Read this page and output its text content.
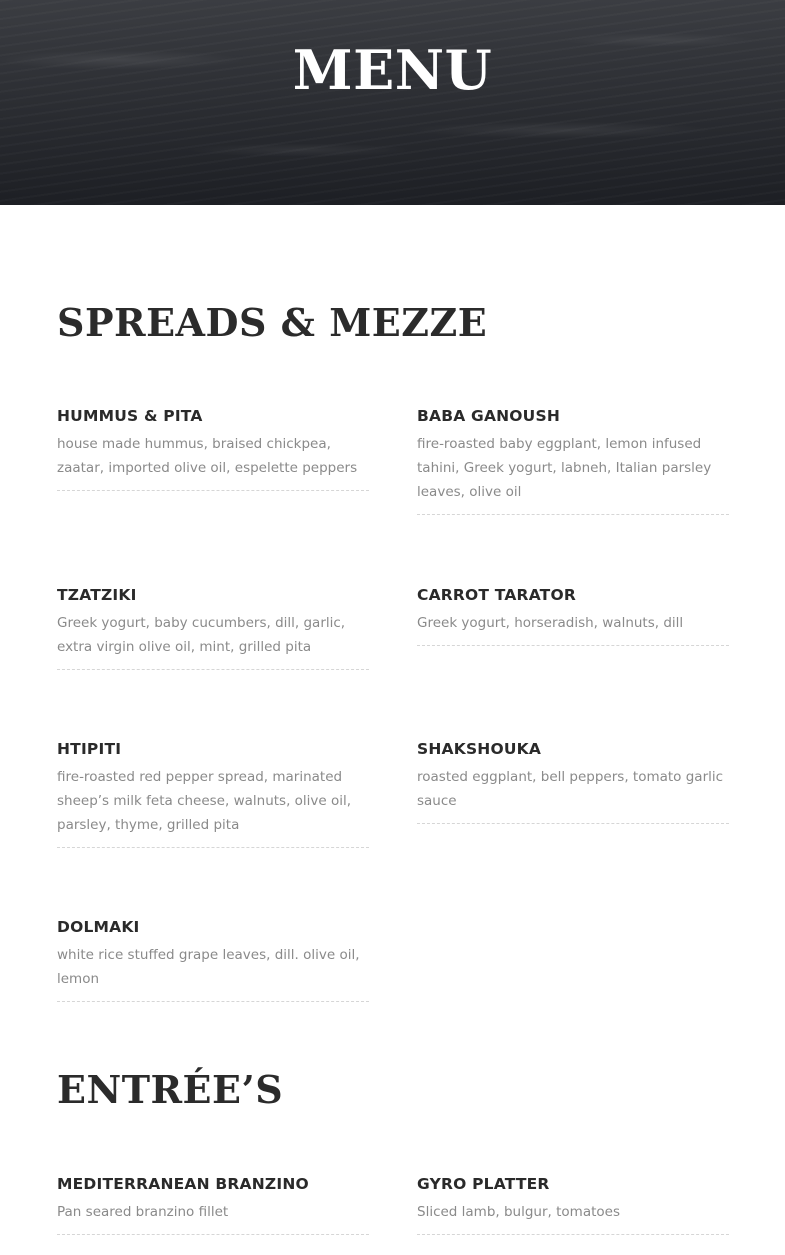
MENU
SPREADS & MEZZE
HUMMUS & PITA
house made hummus, braised chickpea, zaatar, imported olive oil, espelette peppers
BABA GANOUSH
fire-roasted baby eggplant, lemon infused tahini, Greek yogurt, labneh, Italian parsley leaves, olive oil
TZATZIKI
Greek yogurt, baby cucumbers, dill, garlic, extra virgin olive oil, mint, grilled pita
CARROT TARATOR
Greek yogurt, horseradish, walnuts, dill
HTIPITI
fire-roasted red pepper spread, marinated sheep’s milk feta cheese, walnuts, olive oil, parsley, thyme, grilled pita
SHAKSHOUKA
roasted eggplant, bell peppers, tomato garlic sauce
DOLMAKI
white rice stuffed grape leaves, dill. olive oil, lemon
ENTRÉE’S
MEDITERRANEAN BRANZINO
Pan seared branzino fillet
GYRO PLATTER
Sliced lamb, bulgur, tomatoes
